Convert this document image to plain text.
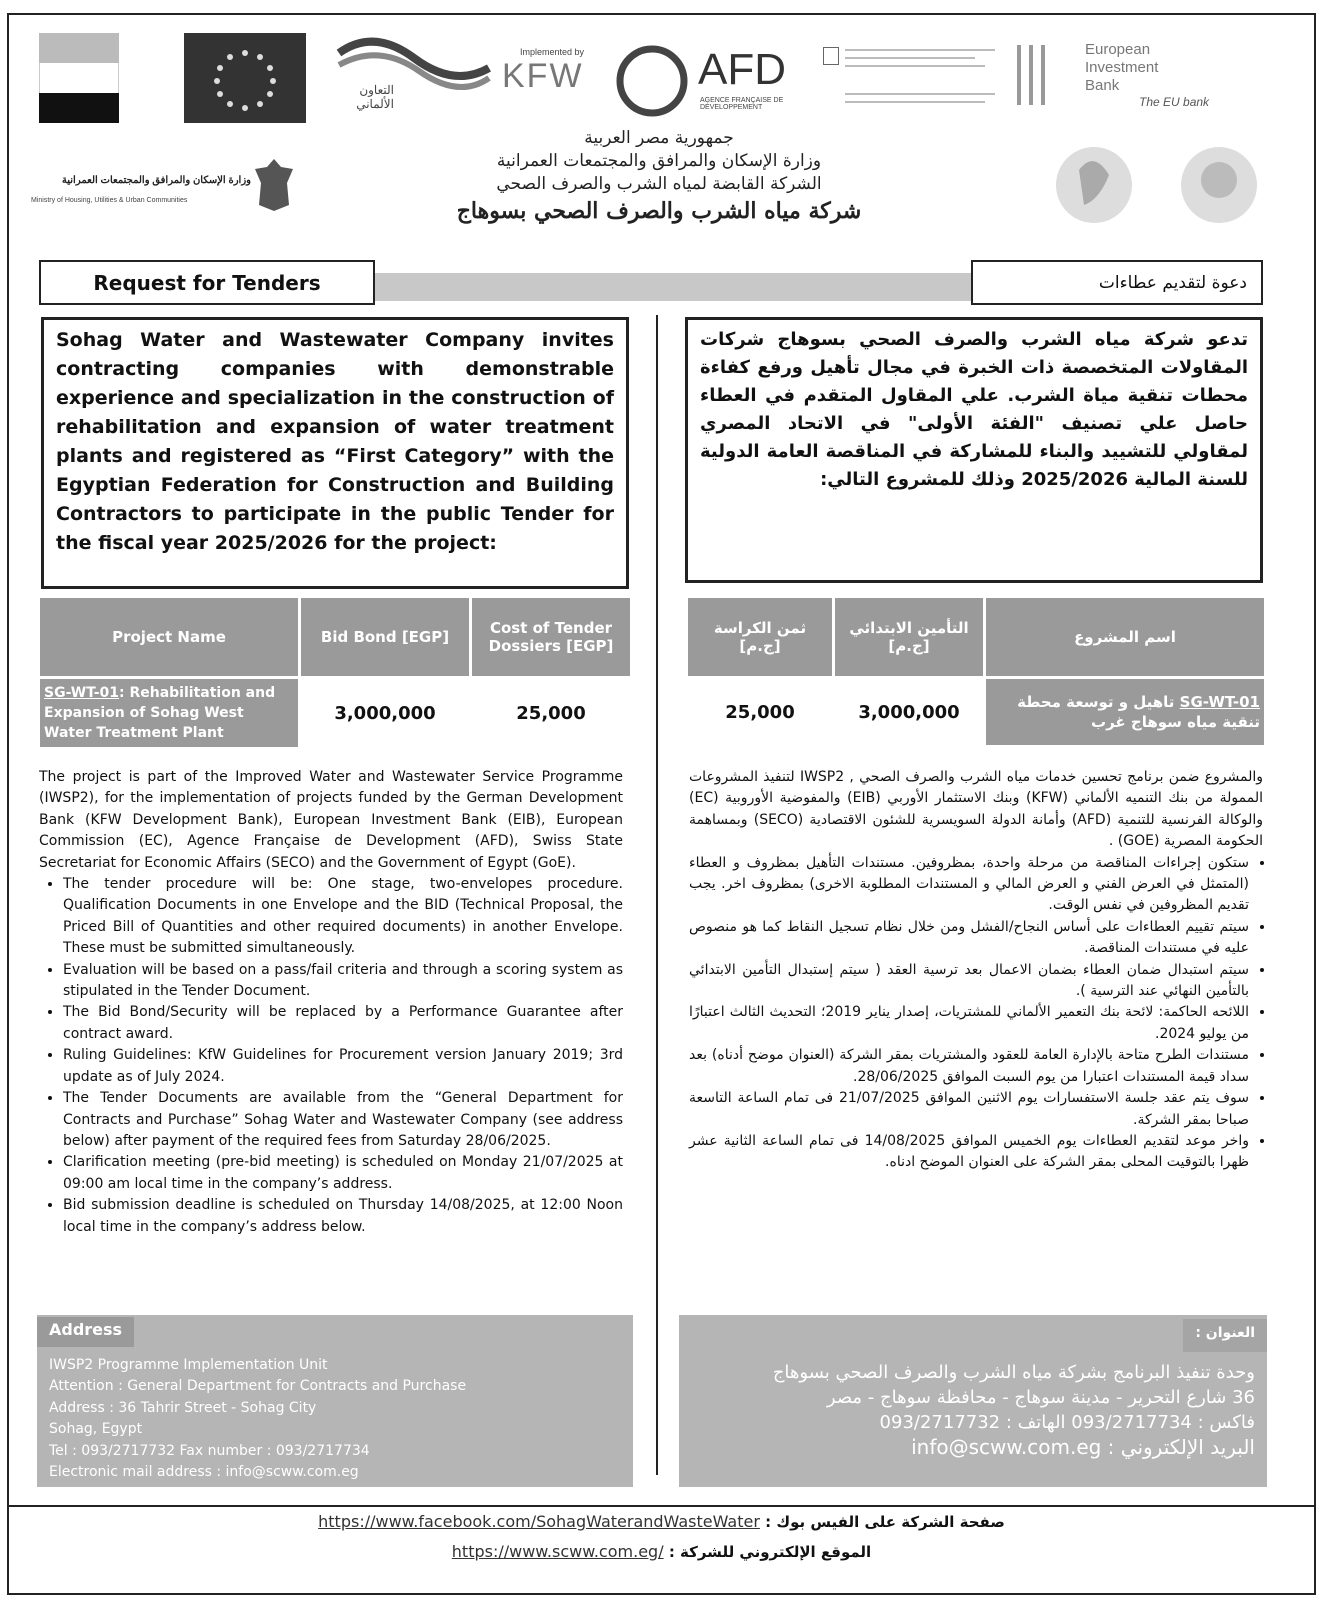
التعاون الألماني
Implemented by
KFW	AFD
AGENCE FRANÇAISE DE DÉVELOPPEMENT
European
Investment
Bank
The EU bank
وزارة الإسكان والمرافق والمجتمعات العمرانية
Ministry of Housing, Utilities & Urban Communities
جمهورية مصر العربية
وزارة الإسكان والمرافق والمجتمعات العمرانية
الشركة القابضة لمياه الشرب والصرف الصحي
شركة مياه الشرب والصرف الصحي بسوهاج
Request for Tenders	دعوة لتقديم عطاءات
Sohag Water and Wastewater Company invites contracting companies with demonstrable experience and specialization in the construction of rehabilitation and expansion of water treatment plants and registered as “First Category” with the Egyptian Federation for Construction and Building Contractors to participate in the public Tender for the fiscal year 2025/2026 for the project:
تدعو شركة مياه الشرب والصرف الصحي بسوهاج شركات المقاولات المتخصصة ذات الخبرة في مجال تأهيل ورفع كفاءة محطات تنقية مياة الشرب. علي المقاول المتقدم في العطاء حاصل علي تصنيف "الفئة الأولى" في الاتحاد المصري لمقاولي للتشييد والبناء للمشاركة في المناقصة العامة الدولية للسنة المالية 2025/2026 وذلك للمشروع التالي:
Project Name	Bid Bond [EGP]	Cost of Tender Dossiers [EGP]
SG-WT-01: Rehabilitation and Expansion of Sohag West Water Treatment Plant	3,000,000	25,000
اسم المشروع	التأمين الابتدائي [ج.م]	ثمن الكراسة [ج.م]
SG-WT-01 تاهيل و توسعة محطة تنقية مياه سوهاج غرب	3,000,000	25,000
The project is part of the Improved Water and Wastewater Service Programme (IWSP2), for the implementation of projects funded by the German Development Bank (KFW Development Bank), European Investment Bank (EIB), European Commission (EC), Agence Française de Development (AFD), Swiss State Secretariat for Economic Affairs (SECO) and the Government of Egypt (GoE).
• The tender procedure will be: One stage, two-envelopes procedure. Qualification Documents in one Envelope and the BID (Technical Proposal, the Priced Bill of Quantities and other required documents) in another Envelope. These must be submitted simultaneously.
• Evaluation will be based on a pass/fail criteria and through a scoring system as stipulated in the Tender Document.
• The Bid Bond/Security will be replaced by a Performance Guarantee after contract award.
• Ruling Guidelines: KfW Guidelines for Procurement version January 2019; 3rd update as of July 2024.
• The Tender Documents are available from the “General Department for Contracts and Purchase” Sohag Water and Wastewater Company (see address below) after payment of the required fees from Saturday 28/06/2025.
• Clarification meeting (pre-bid meeting) is scheduled on Monday 21/07/2025 at 09:00 am local time in the company’s address.
• Bid submission deadline is scheduled on Thursday 14/08/2025, at 12:00 Noon local time in the company’s address below.
والمشروع ضمن برنامج تحسين خدمات مياه الشرب والصرف الصحي , IWSP2 لتنفيذ المشروعات الممولة من بنك التنميه الألماني (KFW) وبنك الاستثمار الأوربي (EIB) والمفوضية الأوروبية (EC) والوكالة الفرنسية للتنمية (AFD) وأمانة الدولة السويسرية للشئون الاقتصادية (SECO) وبمساهمة الحكومة المصرية (GOE) .
• ستكون إجراءات المناقصة من مرحلة واحدة، بمظروفين. مستندات التأهيل بمظروف و العطاء (المتمثل في العرض الفني و العرض المالي و المستندات المطلوبة الاخرى) بمظروف اخر. يجب تقديم المظروفين في نفس الوقت.
• سيتم تقييم العطاءات على أساس النجاح/الفشل ومن خلال نظام تسجيل النقاط كما هو منصوص عليه في مستندات المناقصة.
• سيتم استبدال ضمان العطاء بضمان الاعمال بعد ترسية العقد ( سيتم إستبدال التأمين الابتدائي بالتأمين النهائي عند الترسية ).
• اللائحه الحاكمة: لائحة بنك التعمير الألماني للمشتريات، إصدار يناير 2019؛ التحديث الثالث اعتبارًا من يوليو 2024.
• مستندات الطرح متاحة بالإدارة العامة للعقود والمشتريات بمقر الشركة (العنوان موضح أدناه) بعد سداد قيمة المستندات اعتبارا من يوم السبت الموافق 28/06/2025.
• سوف يتم عقد جلسة الاستفسارات يوم الاثنين الموافق 21/07/2025 فى تمام الساعة التاسعة صباحا بمقر الشركة.
• واخر موعد لتقديم العطاءات يوم الخميس الموافق 14/08/2025 فى تمام الساعة الثانية عشر ظهرا بالتوقيت المحلى بمقر الشركة على العنوان الموضح ادناه.
Address
IWSP2 Programme Implementation Unit
Attention : General Department for Contracts and Purchase
Address : 36 Tahrir Street - Sohag City
Sohag, Egypt
Tel : 093/2717732 Fax number : 093/2717734
Electronic mail address : info@scww.com.eg
العنوان :
وحدة تنفيذ البرنامج بشركة مياه الشرب والصرف الصحي بسوهاج
36 شارع التحرير - مدينة سوهاج - محافظة سوهاج - مصر
فاكس : 093/2717734 الهاتف : 093/2717732
البريد الإلكتروني : info@scww.com.eg
صفحة الشركة على الفيس بوك : https://www.facebook.com/SohagWaterandWasteWater
الموقع الإلكتروني للشركة : https://www.scww.com.eg/
